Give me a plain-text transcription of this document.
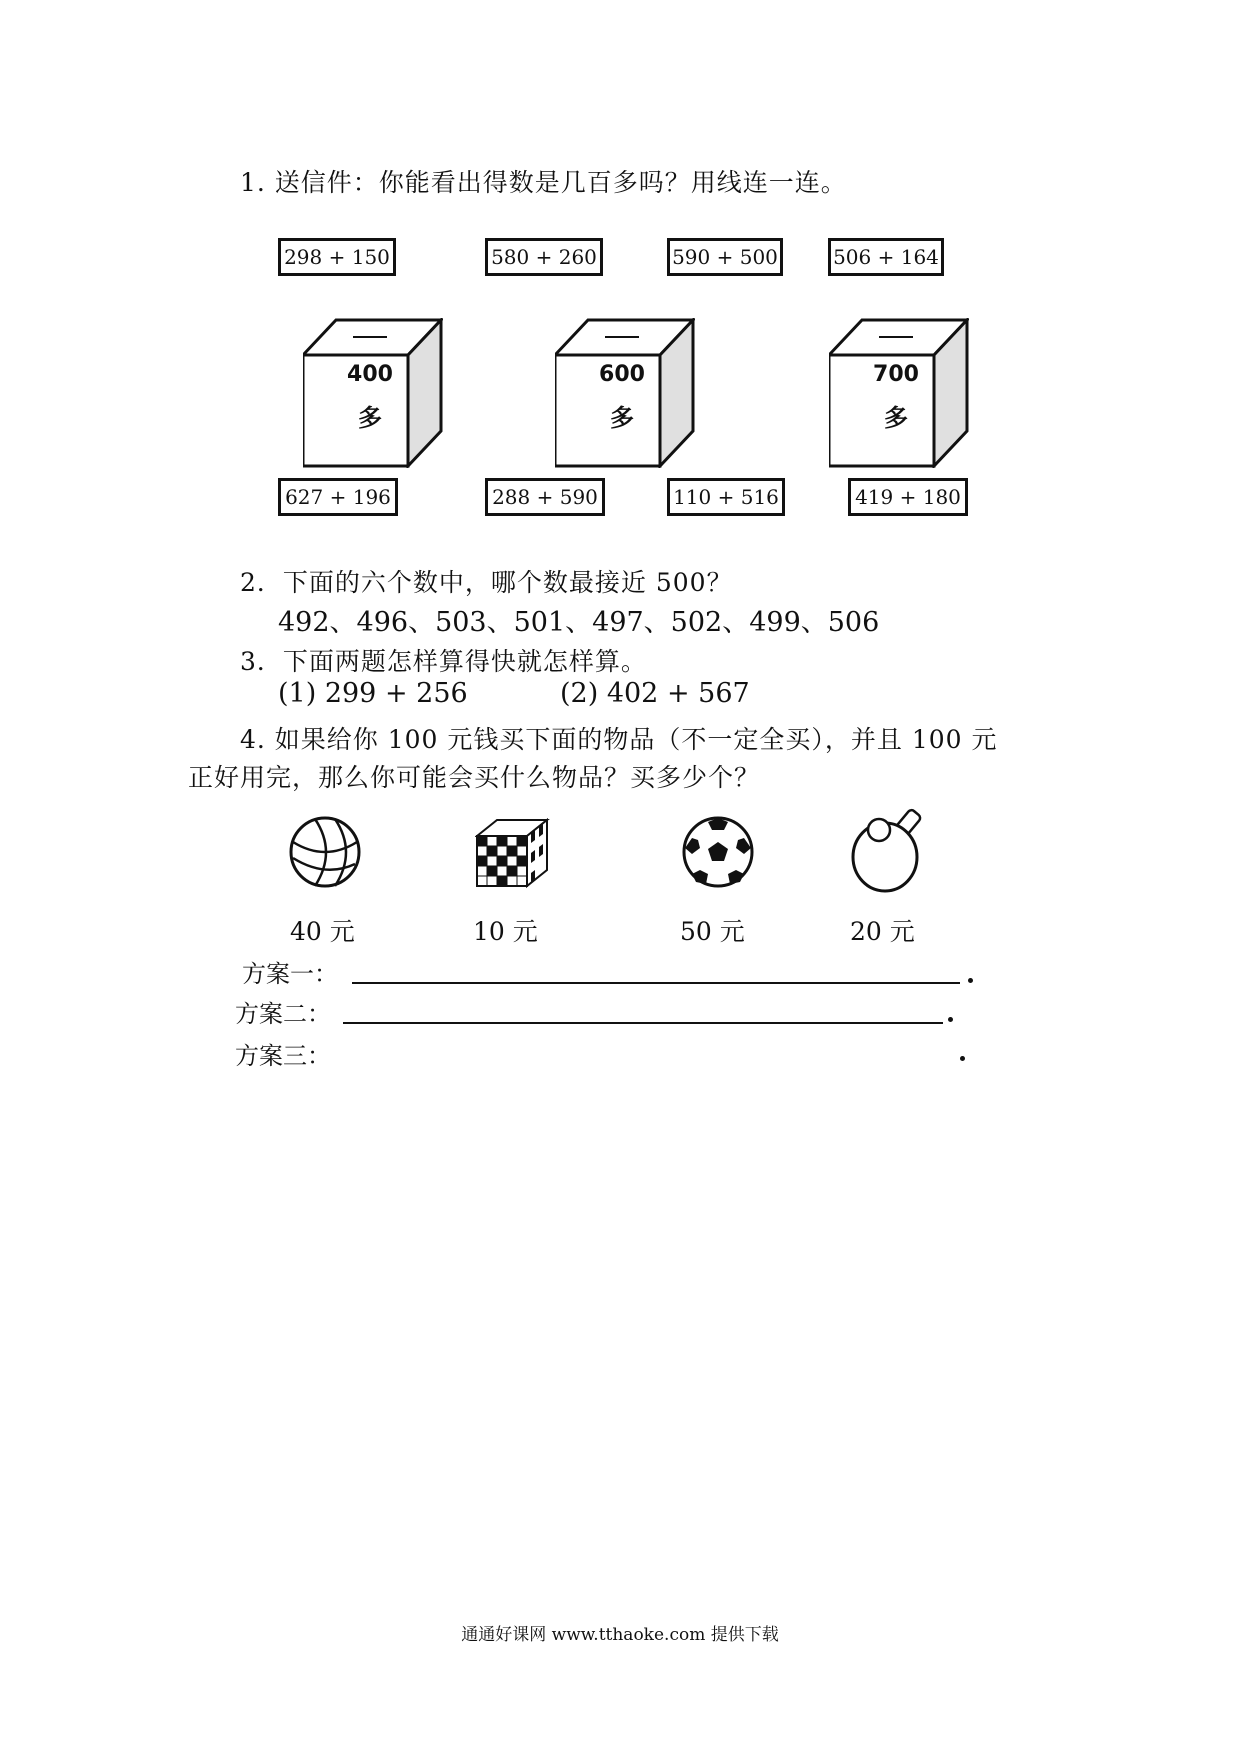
1. 送信件：你能看出得数是几百多吗？用线连一连。
298 + 150	580 + 260	590 + 500	506 + 164
400
多
600
多
700
多
627 + 196	288 + 590	110 + 516	419 + 180
2．下面的六个数中，哪个数最接近 500？
492、496、503、501、497、502、499、506
3．下面两题怎样算得快就怎样算。
(1) 299 + 256	(2) 402 + 567
4. 如果给你 100 元钱买下面的物品（不一定全买），并且 100 元
正好用完，那么你可能会买什么物品？买多少个？
40 元	10 元	50 元	20 元
方案一：
方案二：
方案三：
通通好课网 www.tthaoke.com 提供下载
